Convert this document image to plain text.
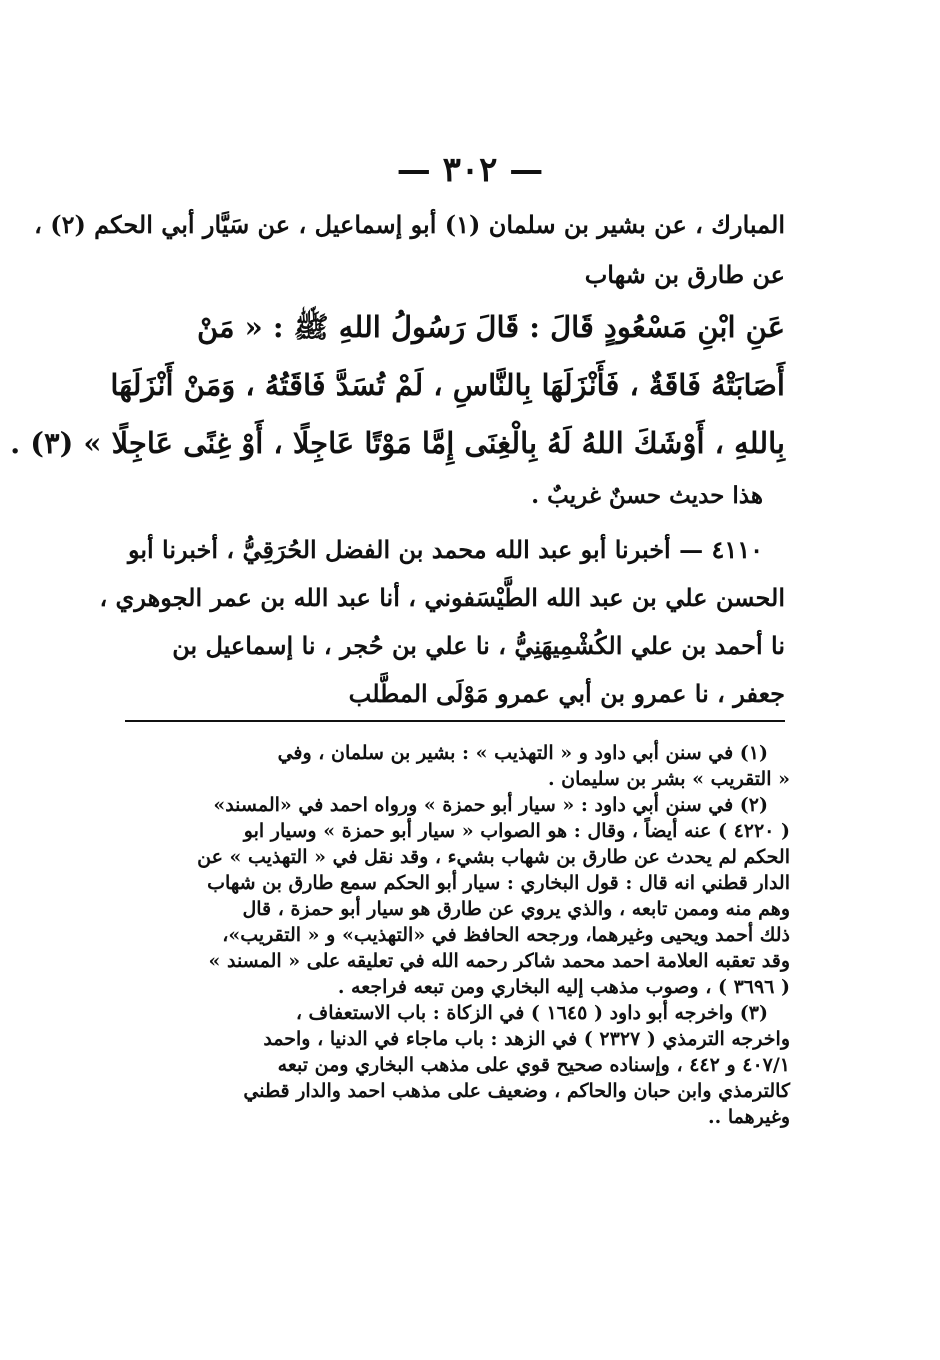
— ٣٠٢ —
المبارك ، عن بشير بن سلمان (١) أبو إسماعيل ، عن سَيَّار أبي الحكم (٢) ،
عن طارق بن شهاب
عَنِ ابْنِ مَسْعُودٍ قَالَ : قَالَ رَسُولُ اللهِ ﷺ : « مَنْ
أَصَابَتْهُ فَاقَةٌ ، فَأَنْزَلَهَا بِالنَّاسِ ، لَمْ تُسَدَّ فَاقَتُهُ ، وَمَنْ أَنْزَلَهَا
بِاللهِ ، أَوْشَكَ اللهُ لَهُ بِالْغِنَى إِمَّا مَوْتًا عَاجِلًا ، أَوْ غِنًى عَاجِلًا » (٣) .
هذا حديث حسنٌ غريبٌ .
٤١١٠ — أخبرنا أبو عبد الله محمد بن الفضل الحُرَقِيُّ ، أخبرنا أبو
الحسن علي بن عبد الله الطَّيْسَفوني ، أنا عبد الله بن عمر الجوهري ،
نا أحمد بن علي الكُشْمِيهَنِيُّ ، نا علي بن حُجر ، نا إسماعيل بن
جعفر ، نا عمرو بن أبي عمرو مَوْلَى المطَّلب
(١) في سنن أبي داود و « التهذيب » : بشير بن سلمان ، وفي
« التقريب » بشر بن سليمان .
(٢) في سنن أبي داود : « سيار أبو حمزة » ورواه احمد في «المسند»
( ٤٢٢٠ ) عنه أيضاً ، وقال : هو الصواب « سيار أبو حمزة » وسيار ابو
الحكم لم يحدث عن طارق بن شهاب بشيء ، وقد نقل في « التهذيب » عن
الدار قطني انه قال : قول البخاري : سيار أبو الحكم سمع طارق بن شهاب
وهم منه وممن تابعه ، والذي يروي عن طارق هو سيار أبو حمزة ، قال
ذلك أحمد ويحيى وغيرهما، ورجحه الحافظ في «التهذيب» و « التقريب»،
وقد تعقبه العلامة احمد محمد شاكر رحمه الله في تعليقه على « المسند »
( ٣٦٩٦ ) ، وصوب مذهب إليه البخاري ومن تبعه فراجعه .
(٣) واخرجه أبو داود ( ١٦٤٥ ) في الزكاة : باب الاستعفاف ،
واخرجه الترمذي ( ٢٣٢٧ ) في الزهد : باب ماجاء في الدنيا ، واحمد
٤٠٧/١ و ٤٤٢ ، وإسناده صحيح قوي على مذهب البخاري ومن تبعه
كالترمذي وابن حبان والحاكم ، وضعيف على مذهب احمد والدار قطني
وغيرهما ..
